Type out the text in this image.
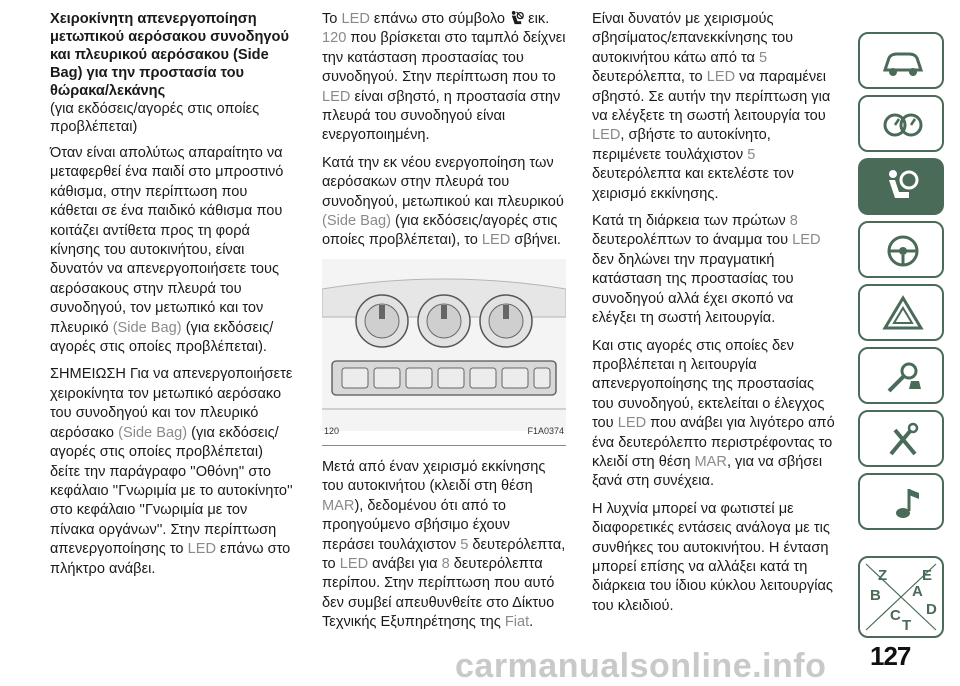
Χειροκίνητη απενεργοποίηση μετωπικού αερόσακου συνοδηγού και πλευρικού αερόσακου (Side Bag) για την προστασία του θώρακα/λεκάνης
(για εκδόσεις/αγορές στις οποίες προβλέπεται)

Όταν είναι απολύτως απαραίτητο να μεταφερθεί ένα παιδί στο μπροστινό κάθισμα, στην περίπτωση που κάθεται σε ένα παιδικό κάθισμα που κοιτάζει αντίθετα προς τη φορά κίνησης του αυτοκινήτου, είναι δυνατόν να απενεργοποιήσετε τους αερόσακους στην πλευρά του συνοδηγού, τον μετωπικό και τον πλευρικό (Side Bag) (για εκδόσεις/αγορές στις οποίες προβλέπεται).

ΣΗΜΕΙΩΣΗ Για να απενεργοποιήσετε χειροκίνητα τον μετωπικό αερόσακο του συνοδηγού και τον πλευρικό αερόσακο (Side Bag) (για εκδόσεις/ αγορές στις οποίες προβλέπεται) δείτε την παράγραφο ''Οθόνη'' στο κεφάλαιο ''Γνωριμία με το αυτοκίνητο'' στο κεφάλαιο ''Γνωριμία με τον πίνακα οργάνων''. Στην περίπτωση απενεργοποίησης το LED επάνω στο πλήκτρο ανάβει.

Το LED επάνω στο σύμβολο  εικ. 120 που βρίσκεται στο ταμπλό δείχνει την κατάσταση προστασίας του συνοδηγού. Στην περίπτωση που το LED είναι σβηστό, η προστασία στην πλευρά του συνοδηγού είναι ενεργοποιημένη.

Κατά την εκ νέου ενεργοποίηση των αερόσακων στην πλευρά του συνοδηγού, μετωπικού και πλευρικού (Side Bag) (για εκδόσεις/αγορές στις οποίες προβλέπεται), το LED σβήνει.

120	F1A0374

Μετά από έναν χειρισμό εκκίνησης του αυτοκινήτου (κλειδί στη θέση MAR), δεδομένου ότι από το προηγούμενο σβήσιμο έχουν περάσει τουλάχιστον 5 δευτερόλεπτα, το LED ανάβει για 8 δευτερόλεπτα περίπου. Στην περίπτωση που αυτό δεν συμβεί απευθυνθείτε στο Δίκτυο Τεχνικής Εξυπηρέτησης της Fiat.

Είναι δυνατόν με χειρισμούς σβησίματος/επανεκκίνησης του αυτοκινήτου κάτω από τα 5 δευτερόλεπτα, το LED να παραμένει σβηστό. Σε αυτήν την περίπτωση για να ελέγξετε τη σωστή λειτουργία του LED, σβήστε το αυτοκίνητο, περιμένετε τουλάχιστον 5 δευτερόλεπτα και εκτελέστε τον χειρισμό εκκίνησης.

Κατά τη διάρκεια των πρώτων 8 δευτερολέπτων το άναμμα του LED δεν δηλώνει την πραγματική κατάσταση της προστασίας του συνοδηγού αλλά έχει σκοπό να ελέγξει τη σωστή λειτουργία.

Και στις αγορές στις οποίες δεν προβλέπεται η λειτουργία απενεργοποίησης της προστασίας του συνοδηγού, εκτελείται ο έλεγχος του LED που ανάβει για λιγότερο από ένα δευτερόλεπτο περιστρέφοντας το κλειδί στη θέση MAR, για να σβήσει ξανά στη συνέχεια.

Η λυχνία μπορεί να φωτιστεί με διαφορετικές εντάσεις ανάλογα με τις συνθήκες του αυτοκινήτου. Η ένταση μπορεί επίσης να αλλάξει κατά τη διάρκεια του ίδιου κύκλου λειτουργίας του κλειδιού.

Z E
B A
C D
T
carmanualsonline.info 127
